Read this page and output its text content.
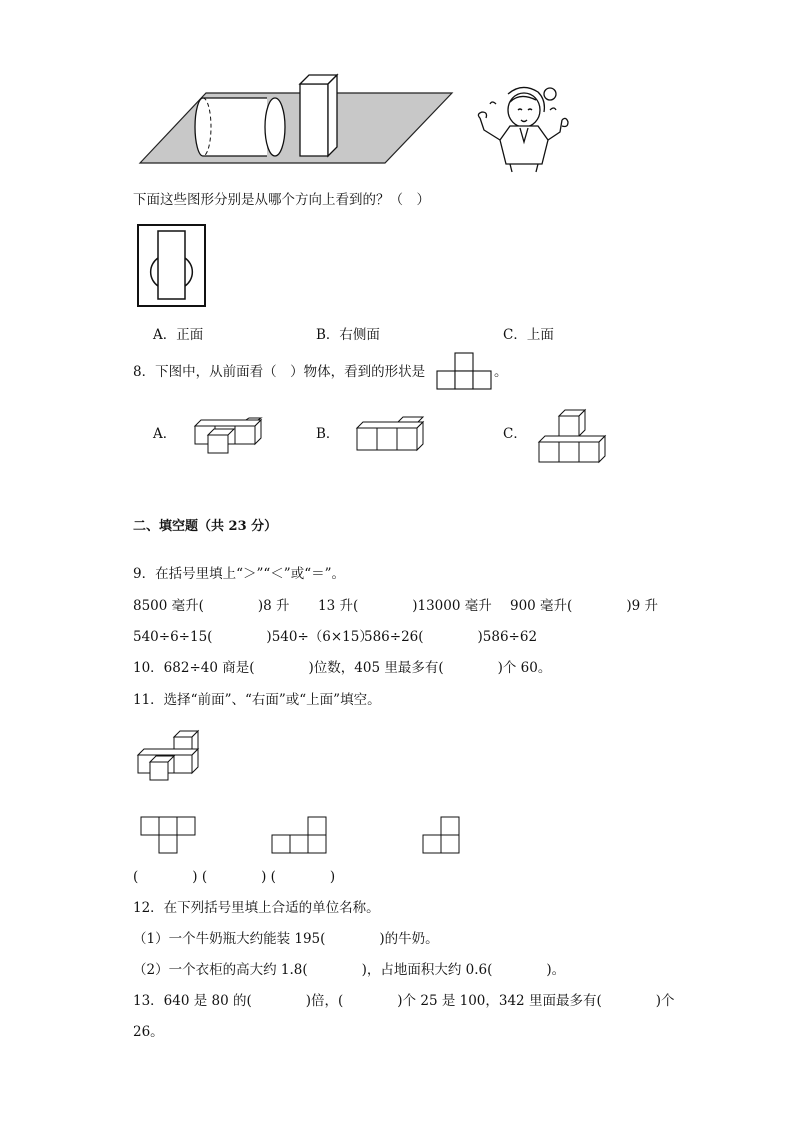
下面这些图形分别是从哪个方向上看到的？（　）
A．正面	B．右侧面	C．上面
8．下图中，从前面看（　）物体，看到的形状是	。
A．	B．	C．
二、填空题（共 23 分）
9．在括号里填上“＞”“＜”或“＝”。
8500 毫升(　　　　)8 升 13 升(　　　　)13000 毫升 900 毫升(　　　　)9 升
540÷6÷15(　　　　)540÷（6×15）
586÷26(　　　　)586÷62
10．682÷40 商是(　　　　)位数，405 里最多有(　　　　)个 60。
11．选择“前面”、“右面”或“上面”填空。
(　　　　) (　　　　) (　　　　)
12．在下列括号里填上合适的单位名称。
（1）一个牛奶瓶大约能装 195(　　　　)的牛奶。
（2）一个衣柜的高大约 1.8(　　　　)，占地面积大约 0.6(　　　　)。
13．640 是 80 的(　　　　)倍，(　　　　)个 25 是 100，342 里面最多有(　　　　)个
26。
